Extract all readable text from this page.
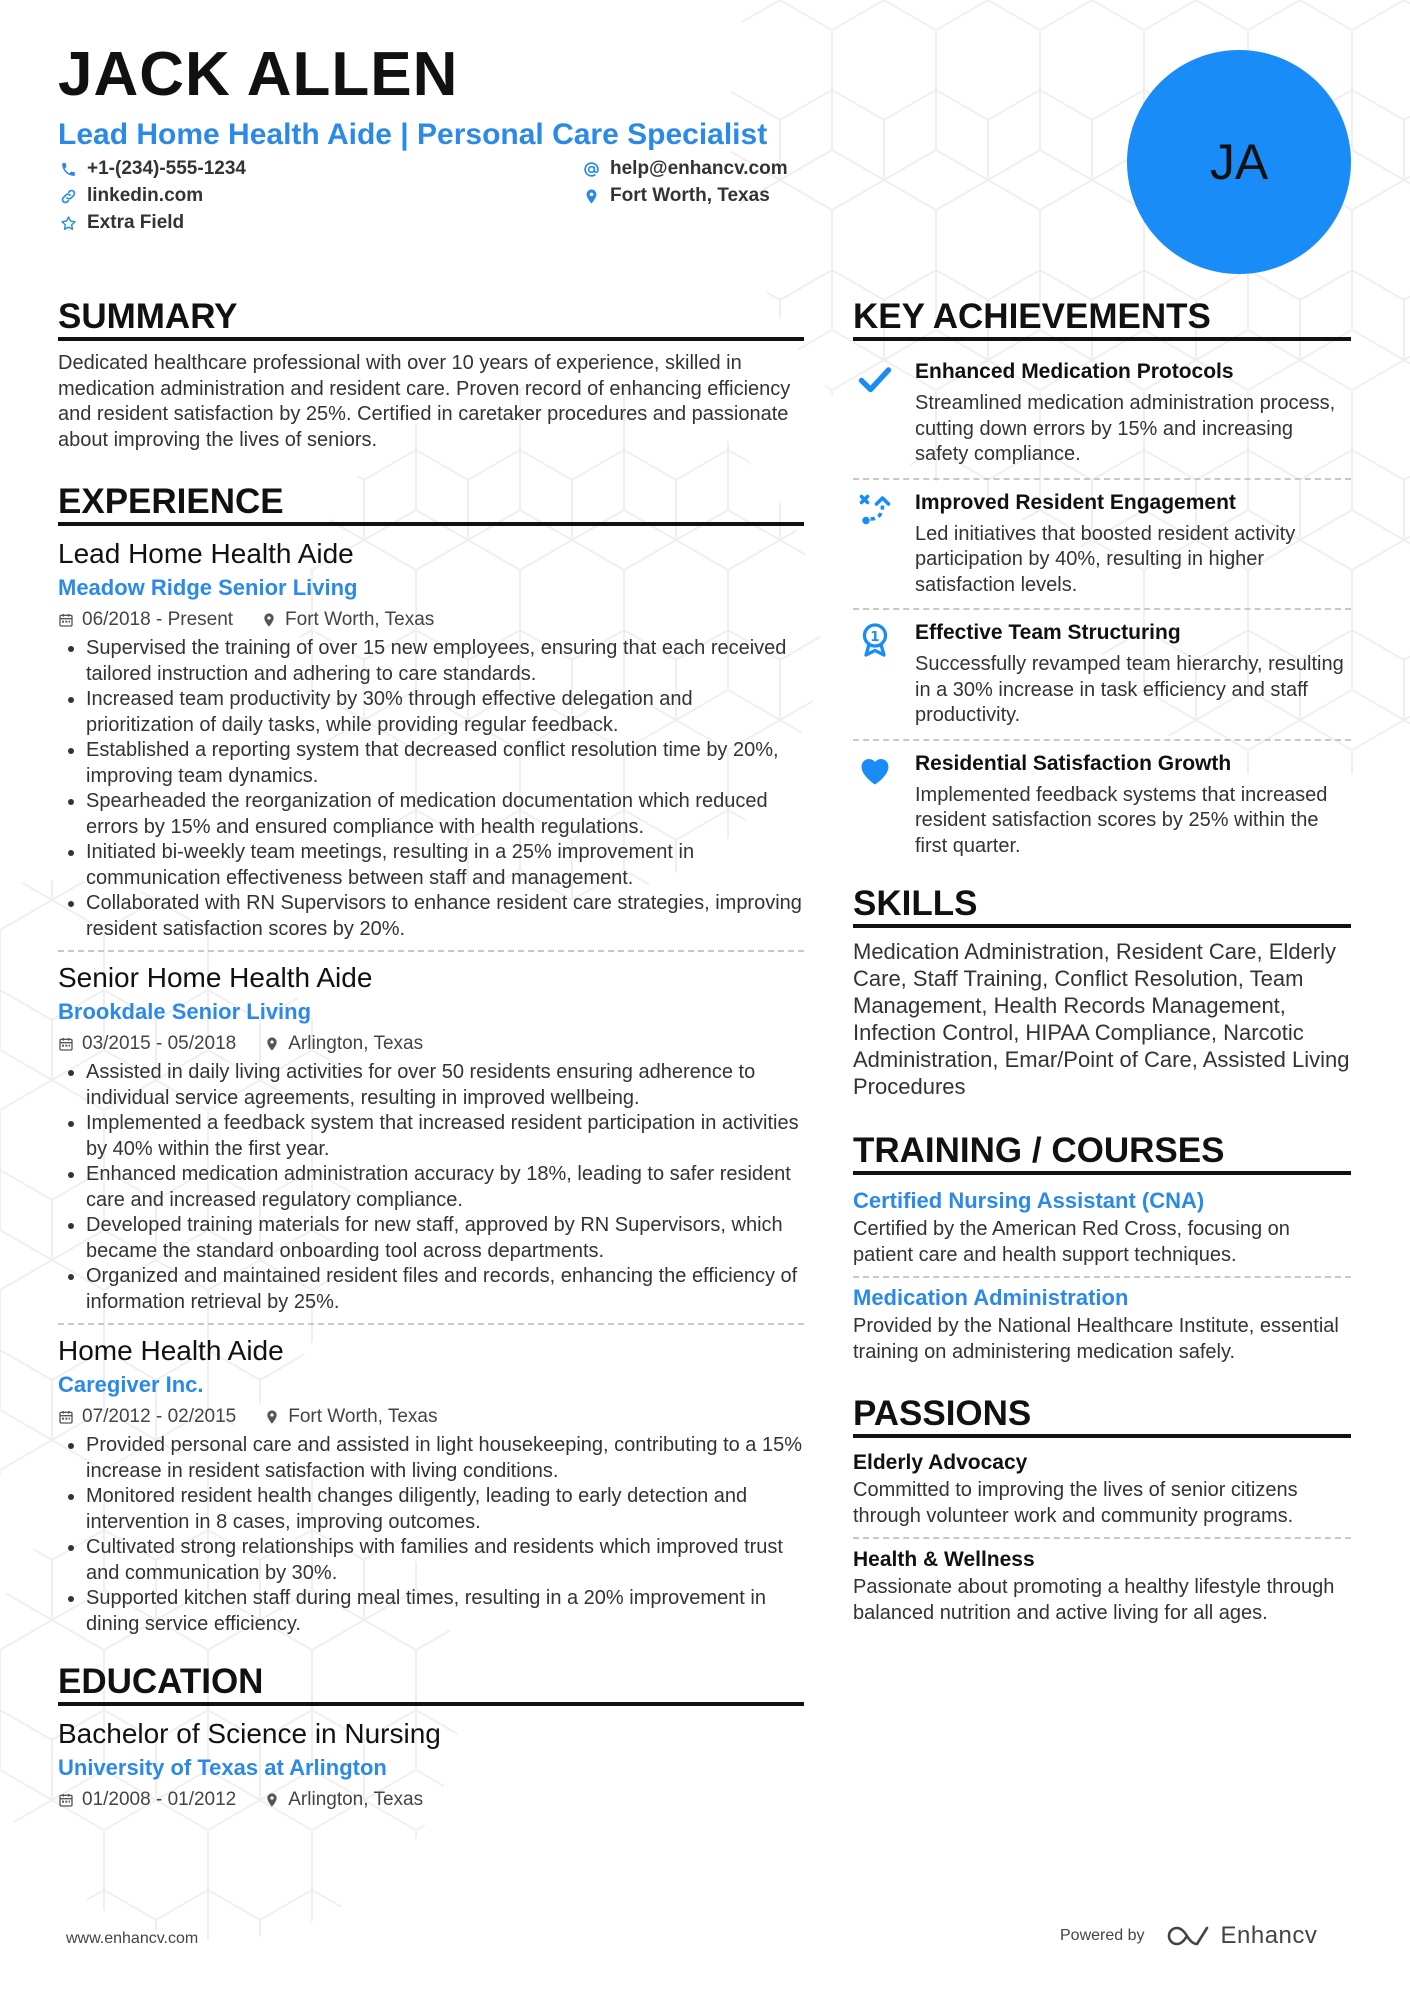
JACK ALLEN
Lead Home Health Aide | Personal Care Specialist
+1-(234)-555-1234	help@enhancv.com
linkedin.com	Fort Worth, Texas
Extra Field
JA
SUMMARY
Dedicated healthcare professional with over 10 years of experience, skilled in medication administration and resident care. Proven record of enhancing efficiency and resident satisfaction by 25%. Certified in caretaker procedures and passionate about improving the lives of seniors.
EXPERIENCE
Lead Home Health Aide
Meadow Ridge Senior Living
06/2018 - Present	Fort Worth, Texas
• Supervised the training of over 15 new employees, ensuring that each received tailored instruction and adhering to care standards.
• Increased team productivity by 30% through effective delegation and prioritization of daily tasks, while providing regular feedback.
• Established a reporting system that decreased conflict resolution time by 20%, improving team dynamics.
• Spearheaded the reorganization of medication documentation which reduced errors by 15% and ensured compliance with health regulations.
• Initiated bi-weekly team meetings, resulting in a 25% improvement in communication effectiveness between staff and management.
• Collaborated with RN Supervisors to enhance resident care strategies, improving resident satisfaction scores by 20%.
Senior Home Health Aide
Brookdale Senior Living
03/2015 - 05/2018	Arlington, Texas
• Assisted in daily living activities for over 50 residents ensuring adherence to individual service agreements, resulting in improved wellbeing.
• Implemented a feedback system that increased resident participation in activities by 40% within the first year.
• Enhanced medication administration accuracy by 18%, leading to safer resident care and increased regulatory compliance.
• Developed training materials for new staff, approved by RN Supervisors, which became the standard onboarding tool across departments.
• Organized and maintained resident files and records, enhancing the efficiency of information retrieval by 25%.
Home Health Aide
Caregiver Inc.
07/2012 - 02/2015	Fort Worth, Texas
• Provided personal care and assisted in light housekeeping, contributing to a 15% increase in resident satisfaction with living conditions.
• Monitored resident health changes diligently, leading to early detection and intervention in 8 cases, improving outcomes.
• Cultivated strong relationships with families and residents which improved trust and communication by 30%.
• Supported kitchen staff during meal times, resulting in a 20% improvement in dining service efficiency.
EDUCATION
Bachelor of Science in Nursing
University of Texas at Arlington
01/2008 - 01/2012	Arlington, Texas
KEY ACHIEVEMENTS
Enhanced Medication Protocols
Streamlined medication administration process, cutting down errors by 15% and increasing safety compliance.
Improved Resident Engagement
Led initiatives that boosted resident activity participation by 40%, resulting in higher satisfaction levels.
1 Effective Team Structuring
Successfully revamped team hierarchy, resulting in a 30% increase in task efficiency and staff productivity.
Residential Satisfaction Growth
Implemented feedback systems that increased resident satisfaction scores by 25% within the first quarter.
SKILLS
Medication Administration, Resident Care, Elderly Care, Staff Training, Conflict Resolution, Team Management, Health Records Management, Infection Control, HIPAA Compliance, Narcotic Administration, Emar/Point of Care, Assisted Living Procedures
TRAINING / COURSES
Certified Nursing Assistant (CNA)
Certified by the American Red Cross, focusing on patient care and health support techniques.
Medication Administration
Provided by the National Healthcare Institute, essential training on administering medication safely.
PASSIONS
Elderly Advocacy
Committed to improving the lives of senior citizens through volunteer work and community programs.
Health & Wellness
Passionate about promoting a healthy lifestyle through balanced nutrition and active living for all ages.
www.enhancv.com	Powered by	Enhancv
